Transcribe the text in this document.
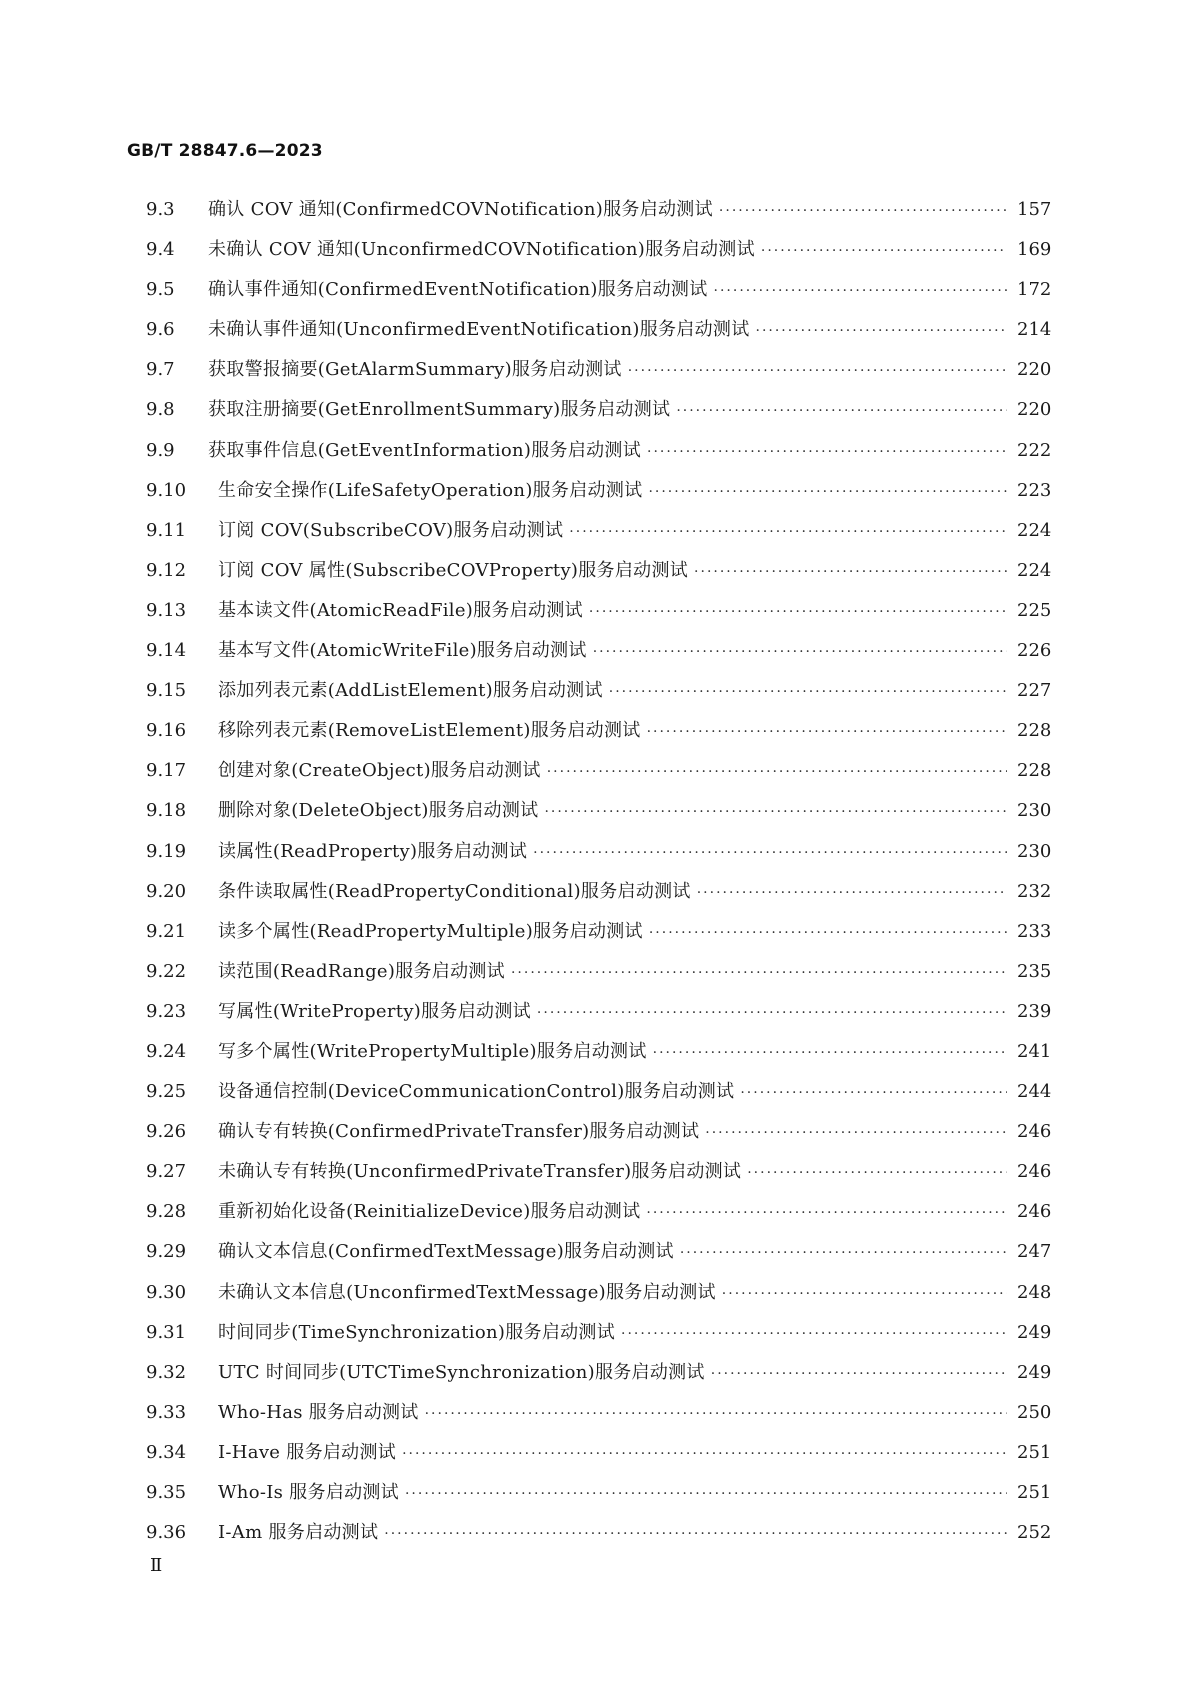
GB/T 28847.6—2023
9.3	确认 COV 通知(ConfirmedCOVNotification)服务启动测试 ·····	157
9.4	未确认 COV 通知(UnconfirmedCOVNotification)服务启动测试 ·····	169
9.5	确认事件通知(ConfirmedEventNotification)服务启动测试 ·····	172
9.6	未确认事件通知(UnconfirmedEventNotification)服务启动测试 ·····	214
9.7	获取警报摘要(GetAlarmSummary)服务启动测试 ·····	220
9.8	获取注册摘要(GetEnrollmentSummary)服务启动测试 ·····	220
9.9	获取事件信息(GetEventInformation)服务启动测试 ·····	222
9.10	生命安全操作(LifeSafetyOperation)服务启动测试 ·····	223
9.11	订阅 COV(SubscribeCOV)服务启动测试 ·····	224
9.12	订阅 COV 属性(SubscribeCOVProperty)服务启动测试 ·····	224
9.13	基本读文件(AtomicReadFile)服务启动测试 ·····	225
9.14	基本写文件(AtomicWriteFile)服务启动测试 ·····	226
9.15	添加列表元素(AddListElement)服务启动测试 ·····	227
9.16	移除列表元素(RemoveListElement)服务启动测试 ·····	228
9.17	创建对象(CreateObject)服务启动测试 ·····	228
9.18	删除对象(DeleteObject)服务启动测试 ·····	230
9.19	读属性(ReadProperty)服务启动测试 ·····	230
9.20	条件读取属性(ReadPropertyConditional)服务启动测试 ·····	232
9.21	读多个属性(ReadPropertyMultiple)服务启动测试 ·····	233
9.22	读范围(ReadRange)服务启动测试 ·····	235
9.23	写属性(WriteProperty)服务启动测试 ·····	239
9.24	写多个属性(WritePropertyMultiple)服务启动测试 ·····	241
9.25	设备通信控制(DeviceCommunicationControl)服务启动测试 ·····	244
9.26	确认专有转换(ConfirmedPrivateTransfer)服务启动测试 ·····	246
9.27	未确认专有转换(UnconfirmedPrivateTransfer)服务启动测试 ·····	246
9.28	重新初始化设备(ReinitializeDevice)服务启动测试 ·····	246
9.29	确认文本信息(ConfirmedTextMessage)服务启动测试 ·····	247
9.30	未确认文本信息(UnconfirmedTextMessage)服务启动测试 ·····	248
9.31	时间同步(TimeSynchronization)服务启动测试 ·····	249
9.32	UTC 时间同步(UTCTimeSynchronization)服务启动测试 ·····	249
9.33	Who-Has 服务启动测试 ·····	250
9.34	I-Have 服务启动测试 ·····	251
9.35	Who-Is 服务启动测试 ·····	251
9.36	I-Am 服务启动测试 ·····	252
Ⅱ
